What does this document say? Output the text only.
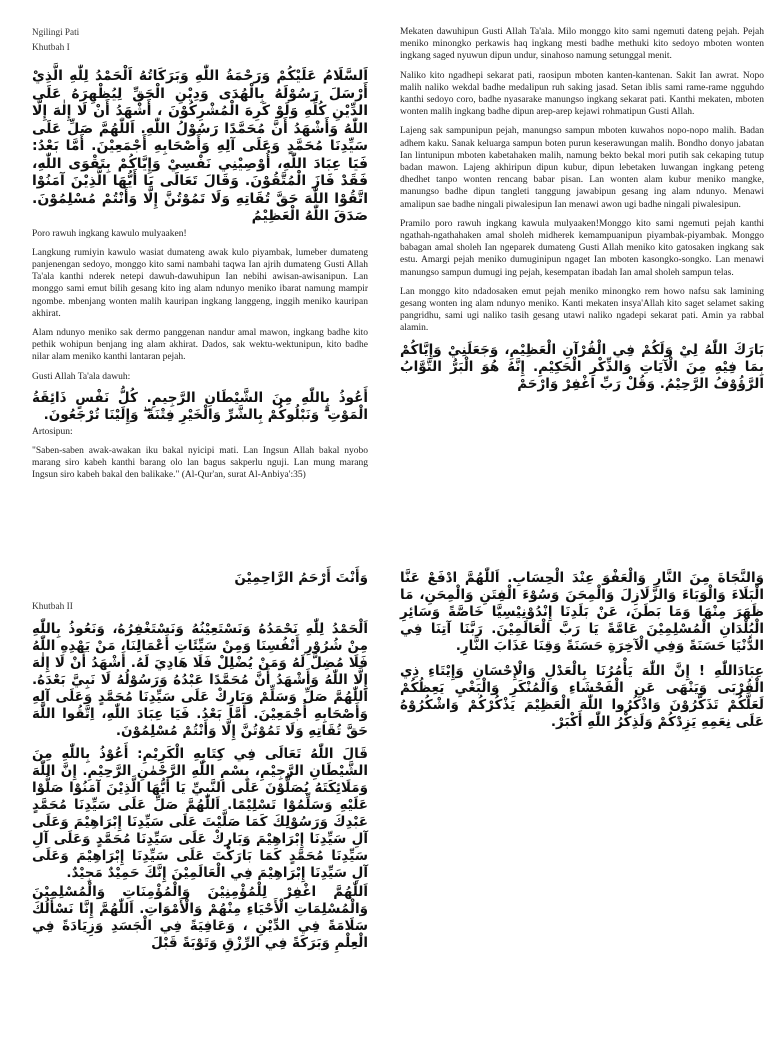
Ngilingi Pati
Khutbah I
اَلسَّلَامُ عَلَيْكُمْ وَرَحْمَةُ اللّٰهِ وَبَرَكَاتُهُ اَلْحَمْدُ لِلّٰهِ الَّذِيْ أَرْسَلَ رَسُوْلَهُ بِالْهُدَى وَدِيْنِ الْحَقِّ لِيُظْهِرَهُ عَلَى الدِّيْنِ كُلِّهِ وَلَوْ كَرِهَ الْمُشْرِكُوْنَ ، أَشْهَدُ أَنْ لَا إِلٰهَ إِلَّا اللّٰهُ وَأَشْهَدُ أَنَّ مُحَمَّدًا رَسُوْلُ اللّٰهِ. اَللّٰهُمَّ صَلِّ عَلَى سَيِّدِنَا مُحَمَّدٍ وَعَلَى آلِهِ وَأَصْحَابِهِ أَجْمَعِيْنَ. أَمَّا بَعْدُ: فَيَا عِبَادَ اللّٰهِ، أُوْصِيْنِي نَفْسِيْ وَإِيَّاكُمْ بِتَقْوَى اللّٰهِ، فَقَدْ فَازَ الْمُتَّقُوْنَ. وَقَالَ تَعَالَى يَا أَيُّهَا الَّذِيْنَ آمَنُوْا اتَّقُوْا اللّٰهَ حَقَّ تُقَاتِهِ وَلَا تَمُوْتُنَّ إِلَّا وَأَنْتُمْ مُسْلِمُوْنَ. صَدَقَ اللّٰهُ الْعَظِيْمُ

Poro rawuh ingkang kawulo mulyaaken!

Langkung rumiyin kawulo wasiat dumateng awak kulo piyambak, lumeber dumateng panjenengan sedoyo, monggo kito sami nambahi taqwa Ian ajrih dumateng Gusti Allah Ta'ala kanthi nderek netepi dawuh-dawuhipun Ian nebihi awisan-awisanipun. Lan monggo sami emut bilih gesang kito ing alam ndunyo meniko ibarat namung mampir ngombe. mbenjang wonten malih kauripan ingkang langgeng, inggih meniko kauripan akhirat.

Alam ndunyo meniko sak dermo panggenan nandur amal mawon, ingkang badhe kito pethik wohipun benjang ing alam akhirat. Dados, sak wektu-wektunipun, kito badhe nilar alam meniko kanthi lantaran pejah.

Gusti Allah Ta'ala dawuh:

أَعُوذُ بِاللّٰهِ مِنَ الشَّيْطَانِ الرَّجِيمِ. كُلُّ نَفْسٍ ذَائِقَةُ الْمَوْتِ ۗ وَنَبْلُوكُمْ بِالشَّرِّ وَالْخَيْرِ فِتْنَةً ۖ وَإِلَيْنَا تُرْجَعُونَ.

Artosipun:

"Saben-saben awak-awakan iku bakal nyicipi mati. Lan Ingsun Allah bakal nyobo marang siro kabeh kanthi barang olo lan bagus sakperlu nguji. Lan mung marang Ingsun siro kabeh bakal den balikake." (Al-Qur'an, surat Al-Anbiya':35)

Mekaten dawuhipun Gusti Allah Ta'ala. Milo monggo kito sami ngemuti dateng pejah. Pejah meniko minongko perkawis haq ingkang mesti badhe methuki kito sedoyo mboten wonten ingkang saged nyuwun dipun undur, sinahoso namung setunggal menit.

Naliko kito ngadhepi sekarat pati, raosipun mboten kanten-kantenan. Sakit Ian awrat. Nopo malih naliko wekdal badhe medalipun ruh saking jasad. Setan iblis sami rame-rame ngguhdo kanthi sedoyo coro, badhe nyasarake manungso ingkang sekarat pati. Kanthi mekaten, mboten wonten malih ingkang badhe dipun arep-arep kejawi rohmatipun Gusti Allah.

Lajeng sak sampunipun pejah, manungso sampun mboten kuwahos nopo-nopo malih. Badan adhem kaku. Sanak keluarga sampun boten purun keserawungan malih. Bondho donyo jabatan Ian lintunipun mboten kabetahaken malih, namung bekto bekal mori putih sak cekaping tutup badan mawon. Lajeng akhiripun dipun kubur, dipun lebetaken luwangan ingkang peteng dhedhet tanpo wonten rencang babar pisan. Lan wonten alam kubur meniko mangke, manungso badhe dipun tangleti tanggung jawabipun gesang ing alam ndunyo. Menawi amalipun sae badhe ningali piwalesipun Ian menawi awon ugi badhe ningali piwalesipun.

Pramilo poro rawuh ingkang kawula mulyaaken!Monggo kito sami ngemuti pejah kanthi ngathah-ngathahaken amal sholeh midherek kemampuanipun piyambak-piyambak. Monggo babagan amal sholeh Ian ngeparek dumateng Gusti Allah meniko kito gatosaken ingkang sak estu. Amargi pejah meniko dumuginipun ngaget Ian mboten kasongko-songko. Lan menawi manungso sampun dumugi ing pejah, kesempatan ibadah Ian amal sholeh sampun telas.

Lan monggo kito ndadosaken emut pejah meniko minongko rem howo nafsu sak lamining gesang wonten ing alam ndunyo meniko. Kanti mekaten insya'Allah kito saget selamet saking pangridhu, sami ugi naliko tasih gesang utawi naliko ngadepi sekarat pati. Amin ya rabbal alamin.

بَارَكَ اللّٰهُ لِيْ وَلَكُمْ فِي الْقُرْآنِ الْعَظِيْمِ، وَجَعَلَنِيْ وَإِيَّاكُمْ بِمَا فِيْهِ مِنَ الْآيَاتِ وَالذِّكْرِ الْحَكِيْمِ. إِنَّهُ هُوَ الْبَرُّ التَّوَّابُ الرَّؤُوْفُ الرَّحِيْمُ. وَقُلْ رَبِّ اغْفِرْ وَارْحَمْ
وَأَنْتَ أَرْحَمُ الرَّاحِمِيْنَ
Khutbah II
اَلْحَمْدُ لِلّٰهِ نَحْمَدُهُ وَنَسْتَعِيْنُهُ وَنَسْتَغْفِرُهُ، وَنَعُوذُ بِاللّٰهِ مِنْ شُرُوْرِ أَنْفُسِنَا وَمِنْ سَيِّئَاتِ أَعْمَالِنَا، مَنْ يَهْدِهِ اللّٰهُ فَلَا مُضِلَّ لَهُ وَمَنْ يُضْلِلْ فَلَا هَادِيَ لَهُ. أَشْهَدُ أَنْ لَا إِلٰهَ إِلَّا اللّٰهُ وَأَشْهَدُ أَنَّ مُحَمَّدًا عَبْدُهُ وَرَسُوْلُهُ لَا نَبِيَّ بَعْدَهُ. اَللّٰهُمَّ صَلِّ وَسَلِّمْ وَبَارِكْ عَلَى سَيِّدِنَا مُحَمَّدٍ وَعَلَى آلِهِ وَأَصْحَابِهِ أَجْمَعِيْنَ. أَمَّا بَعْدُ. فَيَا عِبَادَ اللّٰهِ، اِتَّقُوا اللّٰهَ حَقَّ تُقَاتِهِ وَلَا تَمُوْتُنَّ إِلَّا وَأَنْتُمْ مُسْلِمُوْنَ.
قَالَ اللّٰهُ تَعَالَى فِي كِتَابِهِ الْكَرِيْمِ: أَعُوْذُ بِاللّٰهِ مِنَ الشَّيْطَانِ الرَّجِيْمِ، بِسْمِ اللّٰهِ الرَّحْمٰنِ الرَّحِيْمِ. إِنَّ اللّٰهَ وَمَلَائِكَتَهُ يُصَلُّوْنَ عَلَى النَّبِيِّ يَا أَيُّهَا الَّذِيْنَ آمَنُوْا صَلُّوْا عَلَيْهِ وَسَلِّمُوْا تَسْلِيْمًا. اَللّٰهُمَّ صَلِّ عَلَى سَيِّدِنَا مُحَمَّدٍ عَبْدِكَ وَرَسُوْلِكَ كَمَا صَلَّيْتَ عَلَى سَيِّدِنَا إِبْرَاهِيْمَ وَعَلَى آلِ سَيِّدِنَا إِبْرَاهِيْمَ وَبَارِكْ عَلَى سَيِّدِنَا مُحَمَّدٍ وَعَلَى آلِ سَيِّدِنَا مُحَمَّدٍ كَمَا بَارَكْتَ عَلَى سَيِّدِنَا إِبْرَاهِيْمَ وَعَلَى آلِ سَيِّدِنَا إِبْرَاهِيْمَ فِي الْعَالَمِيْنَ إِنَّكَ حَمِيْدٌ مَجِيْدٌ.
اَللّٰهُمَّ اغْفِرْ لِلْمُؤْمِنِيْنَ وَالْمُؤْمِنَاتِ وَالْمُسْلِمِيْنَ وَالْمُسْلِمَاتِ الْأَحْيَاءِ مِنْهُمْ وَالْأَمْوَاتِ. اَللّٰهُمَّ إِنَّا نَسْأَلُكَ سَلَامَةً فِي الدِّيْنِ ، وَعَافِيَةً فِي الْجَسَدِ وَزِيَادَةً فِي الْعِلْمِ وَبَرَكَةً فِي الرِّزْقِ وَتَوْبَةً قَبْلَ
وَالنَّجَاةَ مِنَ النَّارِ وَالْعَفْوَ عِنْدَ الْحِسَابِ. اَللّٰهُمَّ ادْفَعْ عَنَّا الْبَلَاءَ وَالْوَبَاءَ وَالزَّلَازِلَ وَالْمِحَنَ وَسُوْءَ الْفِتَنِ وَالْمِحَنِ، مَا ظَهَرَ مِنْهَا وَمَا بَطَنَ، عَنْ بَلَدِنَا إِنْدُوْنِيْسِيَّا خَاصَّةً وَسَائِرِ الْبُلْدَانِ الْمُسْلِمِيْنَ عَامَّةً يَا رَبَّ الْعَالَمِيْنَ. رَبَّنَا آتِنَا فِي الدُّنْيَا حَسَنَةً وَفِي الْآخِرَةِ حَسَنَةً وَقِنَا عَذَابَ النَّارِ.
عِبَادَاللّٰهِ ! إِنَّ اللّٰهَ يَأْمُرُنَا بِالْعَدْلِ وَالْإِحْسَانِ وَإِيْتَاءِ ذِي الْقُرْبَى وَيَنْهَى عَنِ الْفَحْشَاءِ وَالْمُنْكَرِ وَالْبَغْيِ يَعِظُكُمْ لَعَلَّكُمْ تَذَكَّرُوْنَ وَاذْكُرُوا اللّٰهَ الْعَظِيْمَ يَذْكُرْكُمْ وَاشْكُرُوْهُ عَلَى نِعَمِهِ يَزِدْكُمْ وَلَذِكْرُ اللّٰهِ أَكْبَرْ.
